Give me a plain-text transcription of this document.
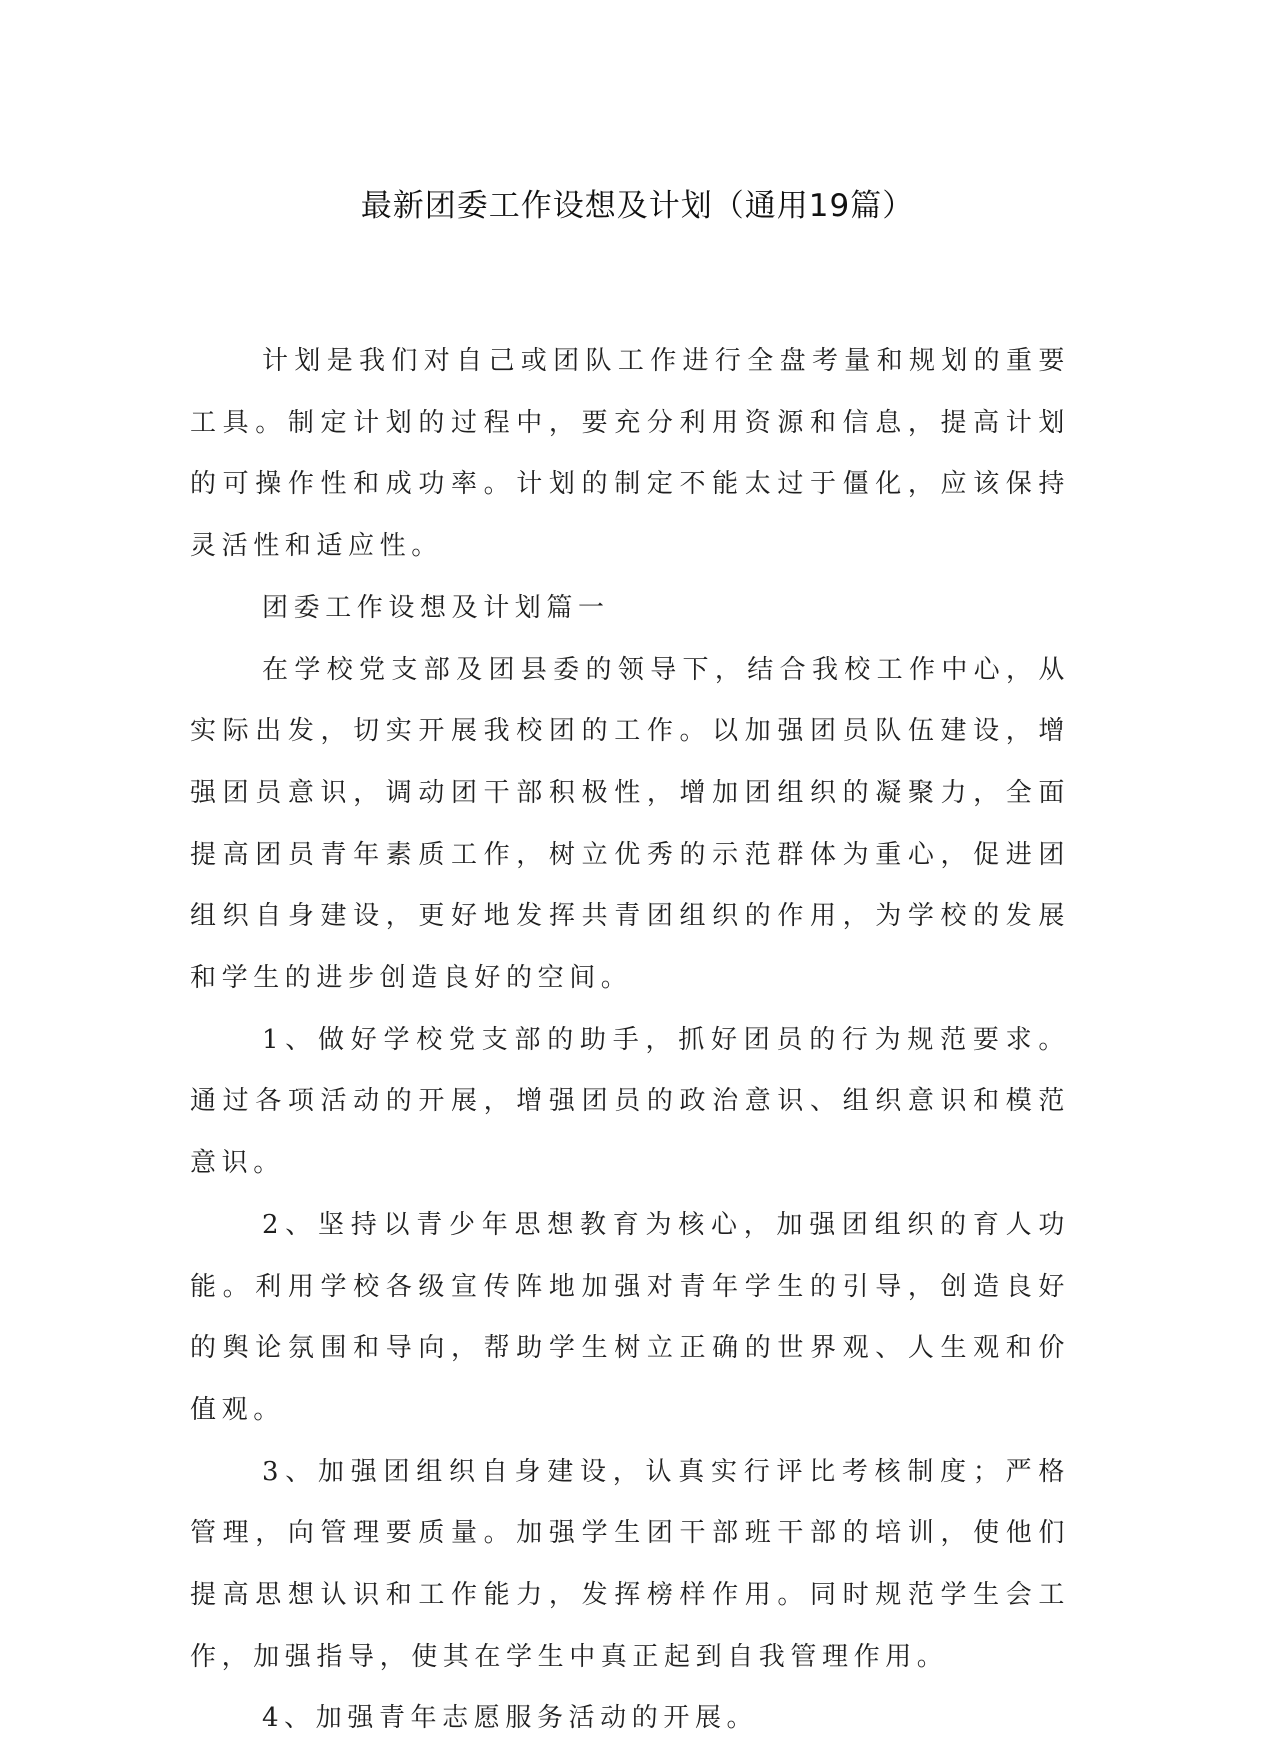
最新团委工作设想及计划（通用19篇）

计划是我们对自己或团队工作进行全盘考量和规划的重要工具。制定计划的过程中，要充分利用资源和信息，提高计划的可操作性和成功率。计划的制定不能太过于僵化，应该保持灵活性和适应性。

团委工作设想及计划篇一

在学校党支部及团县委的领导下，结合我校工作中心，从实际出发，切实开展我校团的工作。以加强团员队伍建设，增强团员意识，调动团干部积极性，增加团组织的凝聚力，全面提高团员青年素质工作，树立优秀的示范群体为重心，促进团组织自身建设，更好地发挥共青团组织的作用，为学校的发展和学生的进步创造良好的空间。

1、做好学校党支部的助手，抓好团员的行为规范要求。通过各项活动的开展，增强团员的政治意识、组织意识和模范意识。

2、坚持以青少年思想教育为核心，加强团组织的育人功能。利用学校各级宣传阵地加强对青年学生的引导，创造良好的舆论氛围和导向，帮助学生树立正确的世界观、人生观和价值观。

3、加强团组织自身建设，认真实行评比考核制度；严格管理，向管理要质量。加强学生团干部班干部的培训，使他们提高思想认识和工作能力，发挥榜样作用。同时规范学生会工作，加强指导，使其在学生中真正起到自我管理作用。

4、加强青年志愿服务活动的开展。
